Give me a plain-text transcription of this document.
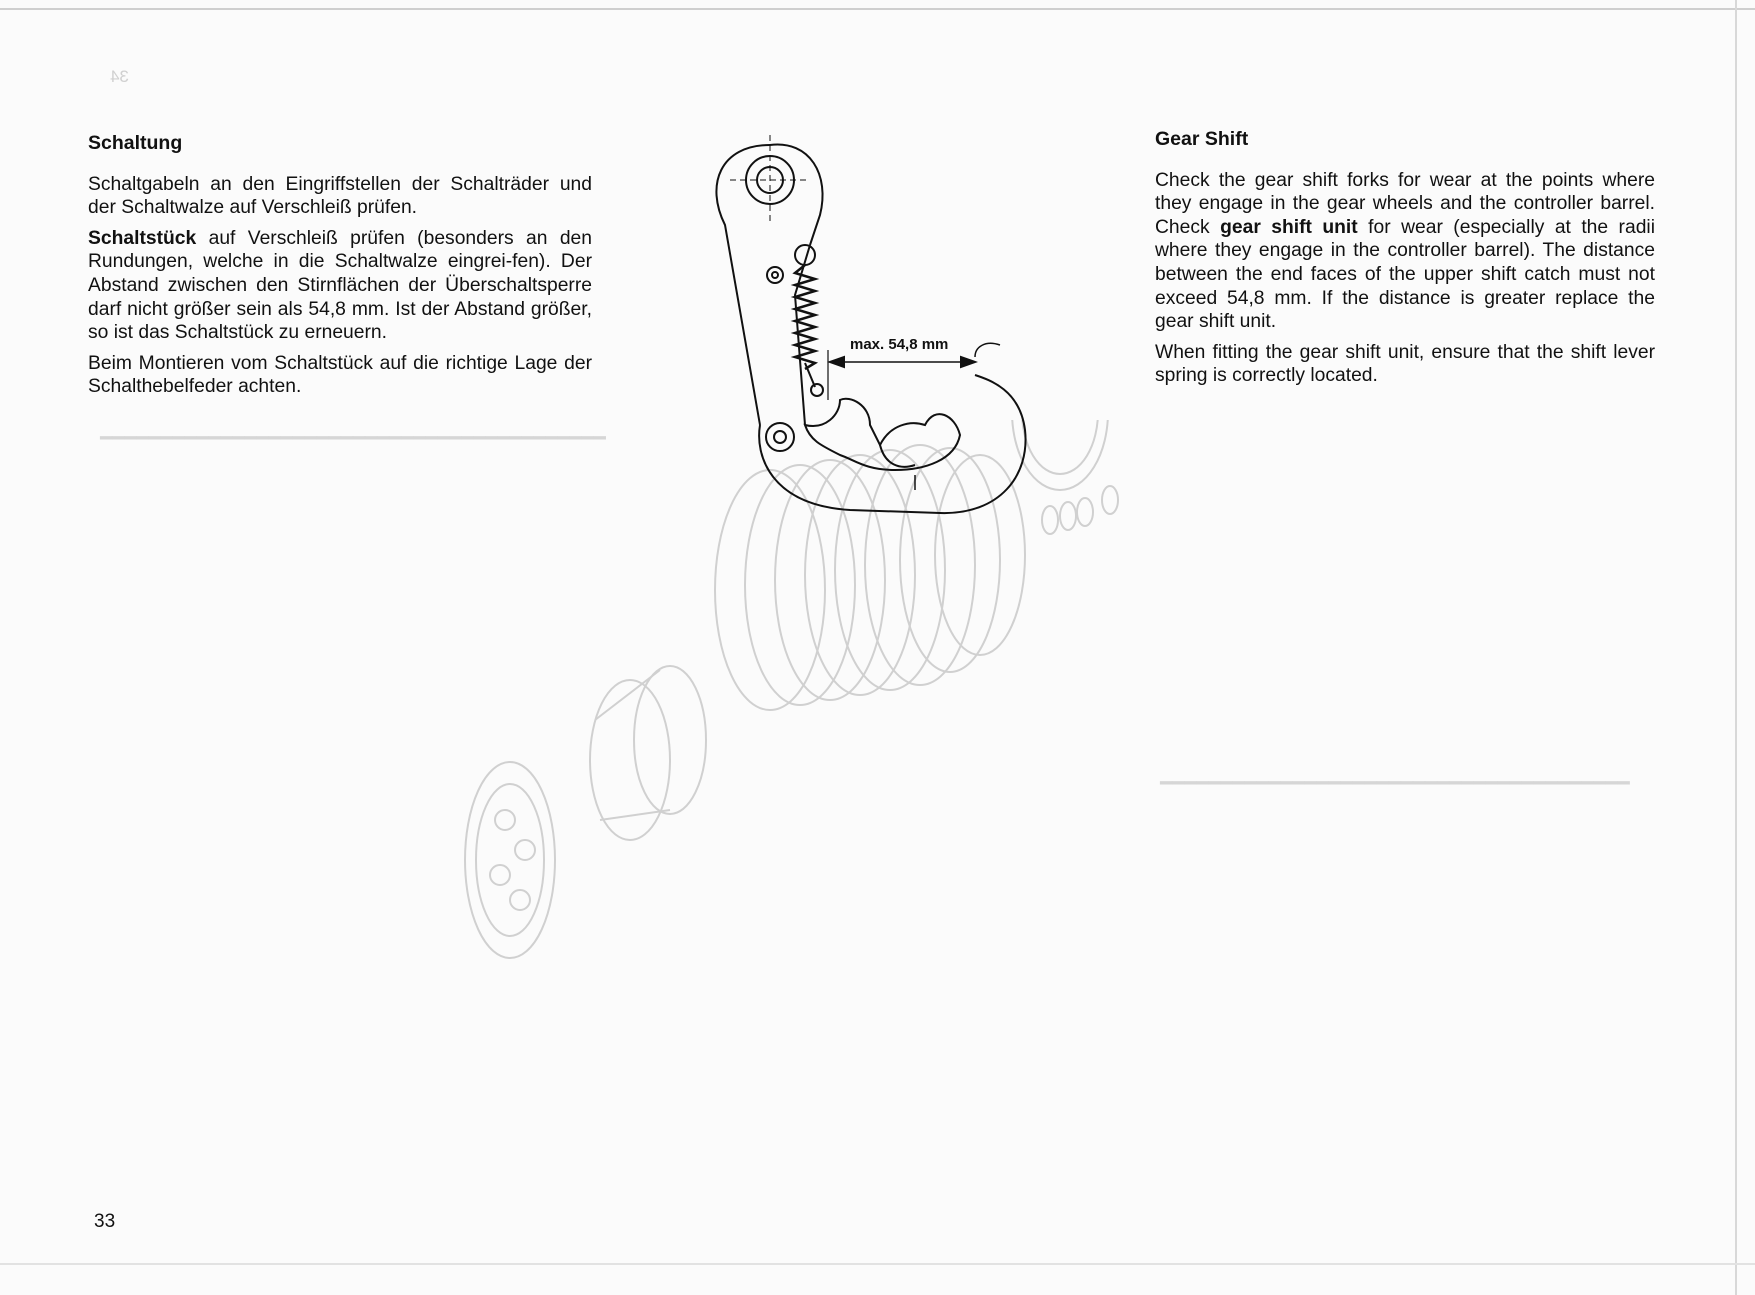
34
━━━━━━━━━━━━━━━━━━━━━━━━━━━━━━━━━━━━━━━━━━
━━━━━━━━━━━━━━━━━━━━━━━━━━━━━━━━━━━━━━━
Schaltung

Schaltgabeln an den Eingriffstellen der Schalträder und der Schaltwalze auf Verschleiß prüfen.

Schaltstück auf Verschleiß prüfen (besonders an den Rundungen, welche in die Schaltwalze eingrei-fen). Der Abstand zwischen den Stirnflächen der Überschaltsperre darf nicht größer sein als 54,8 mm. Ist der Abstand größer, so ist das Schaltstück zu erneuern.

Beim Montieren vom Schaltstück auf die richtige Lage der Schalthebelfeder achten.

Gear Shift

Check the gear shift forks for wear at the points where they engage in the gear wheels and the controller barrel. Check gear shift unit for wear (especially at the radii where they engage in the controller barrel). The distance between the end faces of the upper shift catch must not exceed 54,8 mm. If the distance is greater replace the gear shift unit.

When fitting the gear shift unit, ensure that the shift lever spring is correctly located.

max. 54,8 mm
33
